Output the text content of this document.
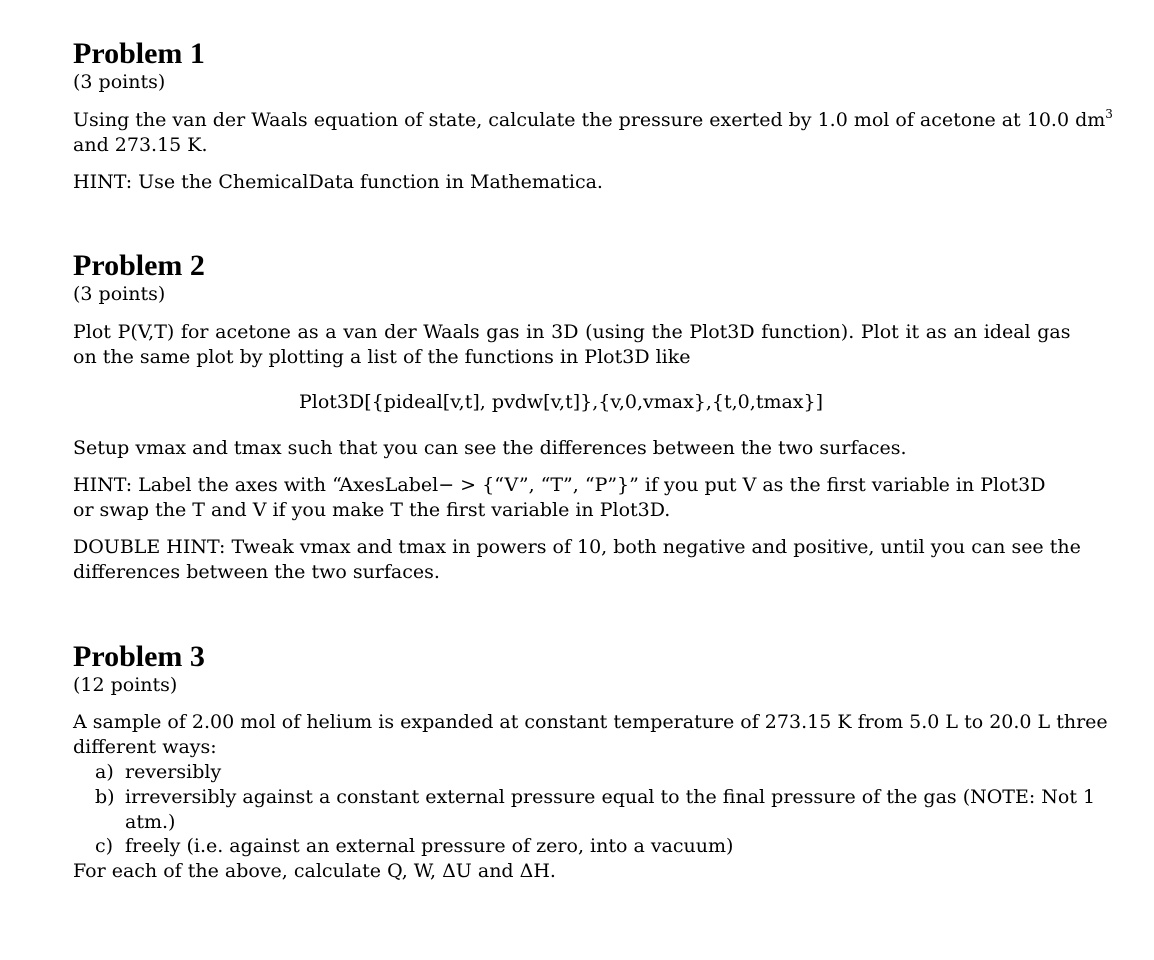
Problem 1
(3 points)
Using the van der Waals equation of state, calculate the pressure exerted by 1.0 mol of acetone at 10.0 $dm^3$
and 273.15 K.
HINT: Use the ChemicalData function in Mathematica.
Problem 2
(3 points)
Plot P(V,T) for acetone as a van der Waals gas in 3D (using the Plot3D function). Plot it as an ideal gas
on the same plot by plotting a list of the functions in Plot3D like
Plot3D[{pideal[v,t], pvdw[v,t]},{v,0,vmax},{t,0,tmax}]
Setup vmax and tmax such that you can see the differences between the two surfaces.
HINT: Label the axes with “AxesLabel− > {“V”, “T”, “P”}” if you put V as the first variable in Plot3D
or swap the T and V if you make T the first variable in Plot3D.
DOUBLE HINT: Tweak vmax and tmax in powers of 10, both negative and positive, until you can see the
differences between the two surfaces.
Problem 3
(12 points)
A sample of 2.00 mol of helium is expanded at constant temperature of 273.15 K from 5.0 L to 20.0 L three
different ways:
a) reversibly
b) irreversibly against a constant external pressure equal to the final pressure of the gas (NOTE: Not 1
atm.)
c) freely (i.e. against an external pressure of zero, into a vacuum)
For each of the above, calculate Q, W, ΔU and ΔH.
